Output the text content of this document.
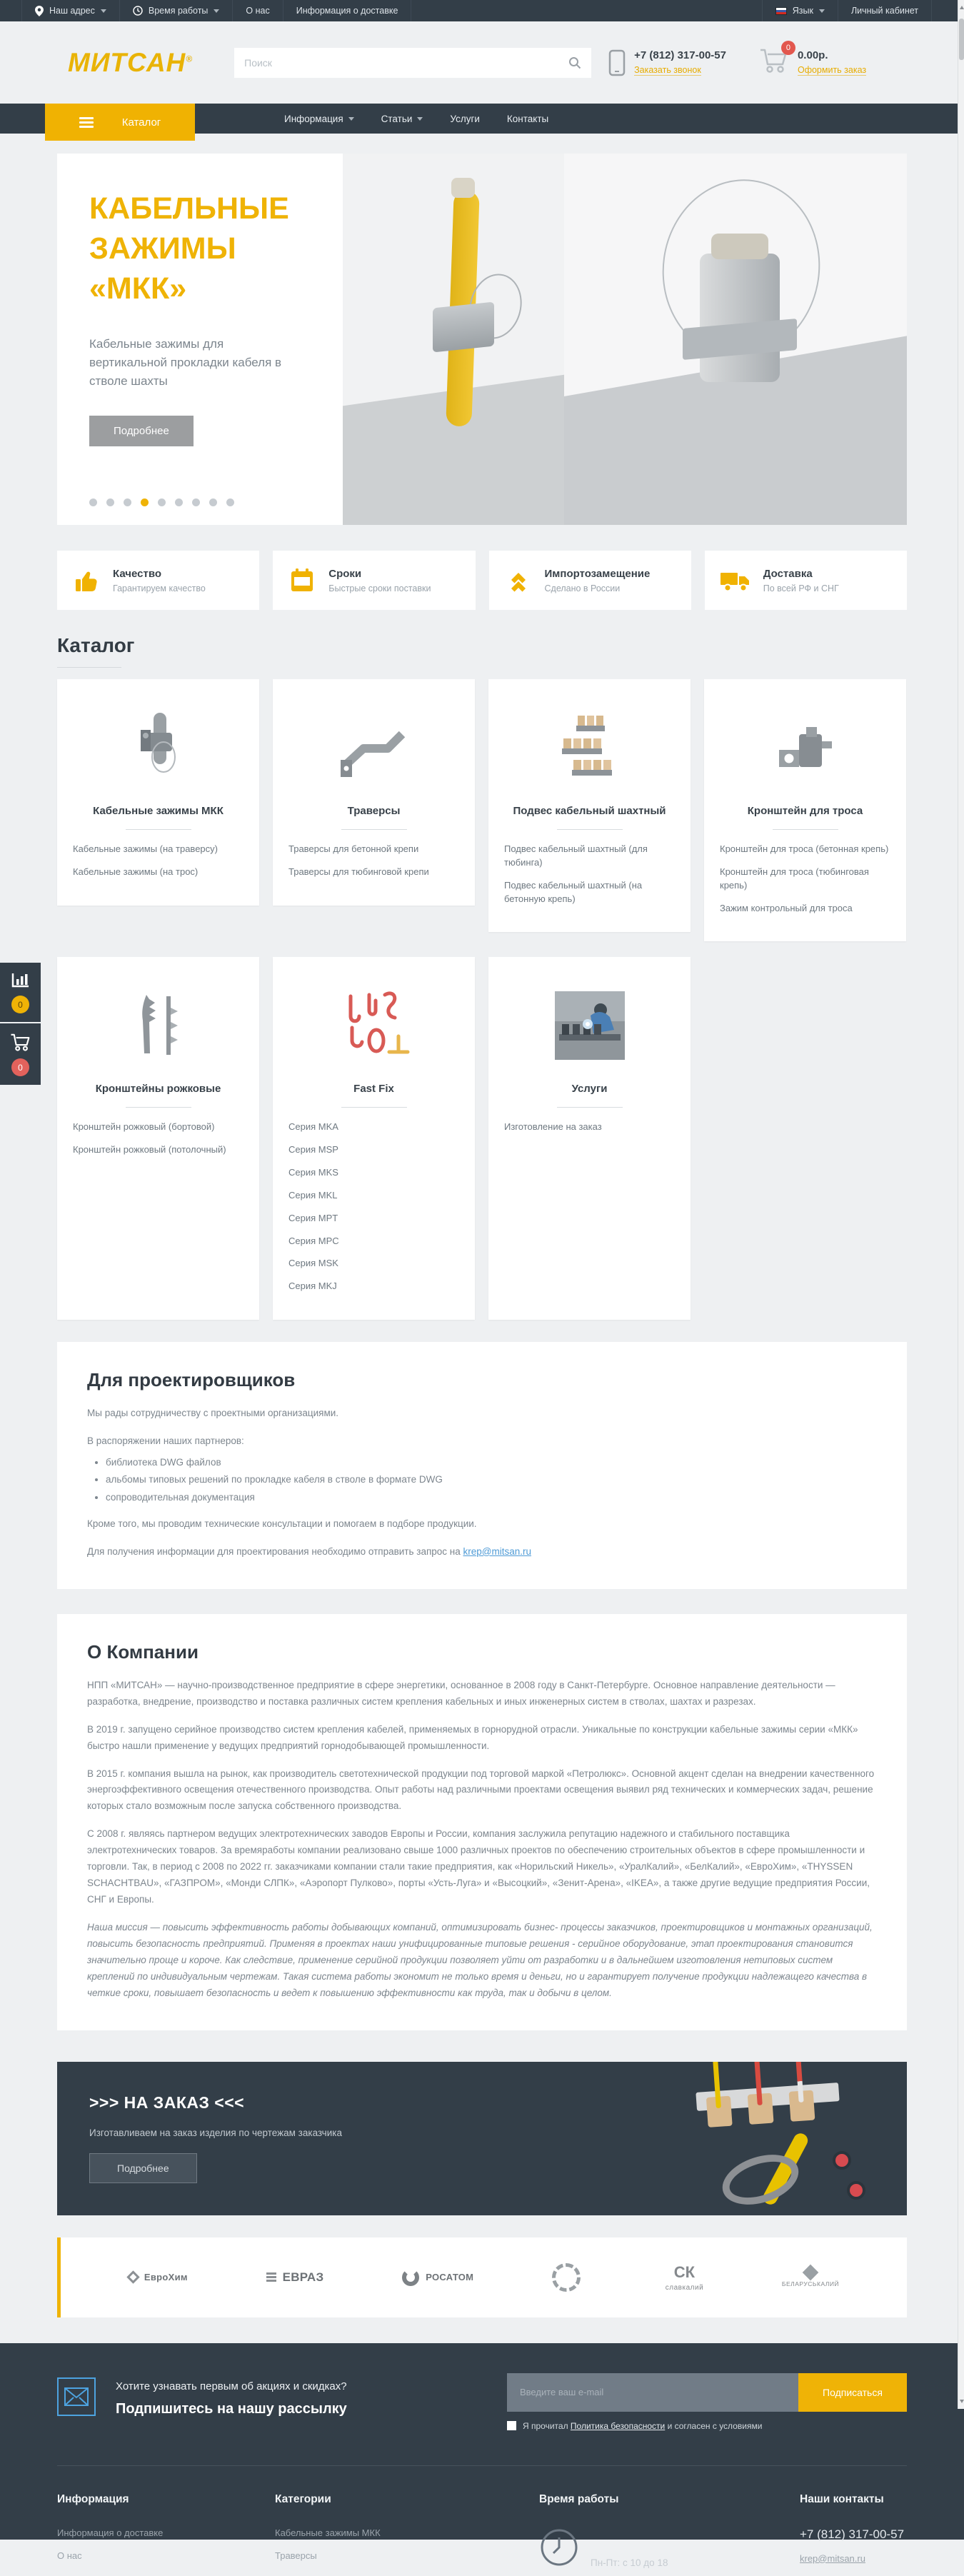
Наш адрес	Время работы	О нас	Информация о доставке	Язык	Личный кабинет
МИТСАН®
Поиск	+7 (812) 317-00-57
Заказать звонок
0
0.00р.
Оформить заказ
Каталог	Информация	Статьи	Услуги	Контакты
КАБЕЛЬНЫЕ
ЗАЖИМЫ
«МКК»
Кабельные зажимы для вертикальной прокладки кабеля в стволе шахты
Подробнее
Качество
Гарантируем качество
Сроки
Быстрые сроки поставки
Импортозамещение
Сделано в России
Доставка
По всей РФ и СНГ
Каталог
Кабельные зажимы МКК
Кабельные зажимы (на траверсу)
Кабельные зажимы (на трос)
Траверсы
Траверсы для бетонной крепи
Траверсы для тюбинговой крепи
Подвес кабельный шахтный
Подвес кабельный шахтный (для тюбинга)
Подвес кабельный шахтный (на бетонную крепь)
Кронштейн для троса
Кронштейн для троса (бетонная крепь)
Кронштейн для троса (тюбинговая крепь)
Зажим контрольный для троса
Кронштейны рожковые
Кронштейн рожковый (бортовой)
Кронштейн рожковый (потолочный)
Fast Fix
Серия MKA
Серия MSP
Серия MKS
Серия MKL
Серия MPT
Серия MPC
Серия MSK
Серия MKJ
Услуги
Изготовление на заказ
Для проектировщиков

Мы рады сотрудничеству с проектными организациями.

В распоряжении наших партнеров:

• библиотека DWG файлов
• альбомы типовых решений по прокладке кабеля в стволе в формате DWG
• сопроводительная документация

Кроме того, мы проводим технические консультации и помогаем в подборе продукции.

Для получения информации для проектирования необходимо отправить запрос на krep@mitsan.ru

О Компании

НПП «МИТСАН» — научно-производственное предприятие в сфере энергетики, основанное в 2008 году в Санкт-Петербурге. Основное направление деятельности — разработка, внедрение, производство и поставка различных систем крепления кабельных и иных инженерных систем в стволах, шахтах и разрезах.

В 2019 г. запущено серийное производство систем крепления кабелей, применяемых в горнорудной отрасли. Уникальные по конструкции кабельные зажимы серии «МКК» быстро нашли применение у ведущих предприятий горнодобывающей промышленности.

В 2015 г. компания вышла на рынок, как производитель светотехнической продукции под торговой маркой «Петролюкс». Основной акцент сделан на внедрении качественного энергоэффективного освещения отечественного производства. Опыт работы над различными проектами освещения выявил ряд технических и коммерческих задач, решение которых стало возможным после запуска собственного производства.

С 2008 г. являясь партнером ведущих электротехнических заводов Европы и России, компания заслужила репутацию надежного и стабильного поставщика электротехнических товаров. За времяработы компании реализовано свыше 1000 различных проектов по обеспечению строительных объектов в сфере промышленности и торговли. Так, в период с 2008 по 2022 гг. заказчиками компании стали такие предприятия, как «Норильский Никель», «УралКалий», «БелКалий», «ЕвроХим», «THYSSEN SCHACHTBAU», «ГАЗПРОМ», «Монди СЛПК», «Аэропорт Пулково», порты «Усть-Луга» и «Высоцкий», «Зенит-Арена», «IKEA», а также другие ведущие предприятия России, СНГ и Европы.

Наша миссия — повысить эффективность работы добывающих компаний, оптимизировать бизнес- процессы заказчиков, проектировщиков и монтажных организаций, повысить безопасность предприятий. Применяя в проектах наши унифицированные типовые решения - серийное оборудование, этап проектирования становится значительно проще и короче. Как следствие, применение серийной продукции позволяет уйти от разработки и в дальнейшем изготовления нетиповых систем креплений по индивидуальным чертежам. Такая система работы экономит не только время и деньги, но и гарантирует получение продукции надлежащего качества в четкие сроки, повышает безопасность и ведет к повышению эффективности как труда, так и добычи в целом.

>>> НА ЗАКАЗ <<<
Изготавливаем на заказ изделия по чертежам заказчика
Подробнее
ЕвроХим	ЕВРАЗ	РОСАТОМ	СК
славкалий	БЕЛАРУСЬКАЛИЙ
Хотите узнавать первым об акциях и скидках?
Подпишитесь на нашу рассылку
Введите ваш e-mail
Подписаться
Я прочитал Политика безопасности и согласен с условиями
Информация
Информация о доставке
О нас
Категории
Кабельные зажимы МКК
Траверсы
Время работы
Пн-Пт: с 10 до 18
Наши контакты
+7 (812) 317-00-57
krep@mitsan.ru
0
0
